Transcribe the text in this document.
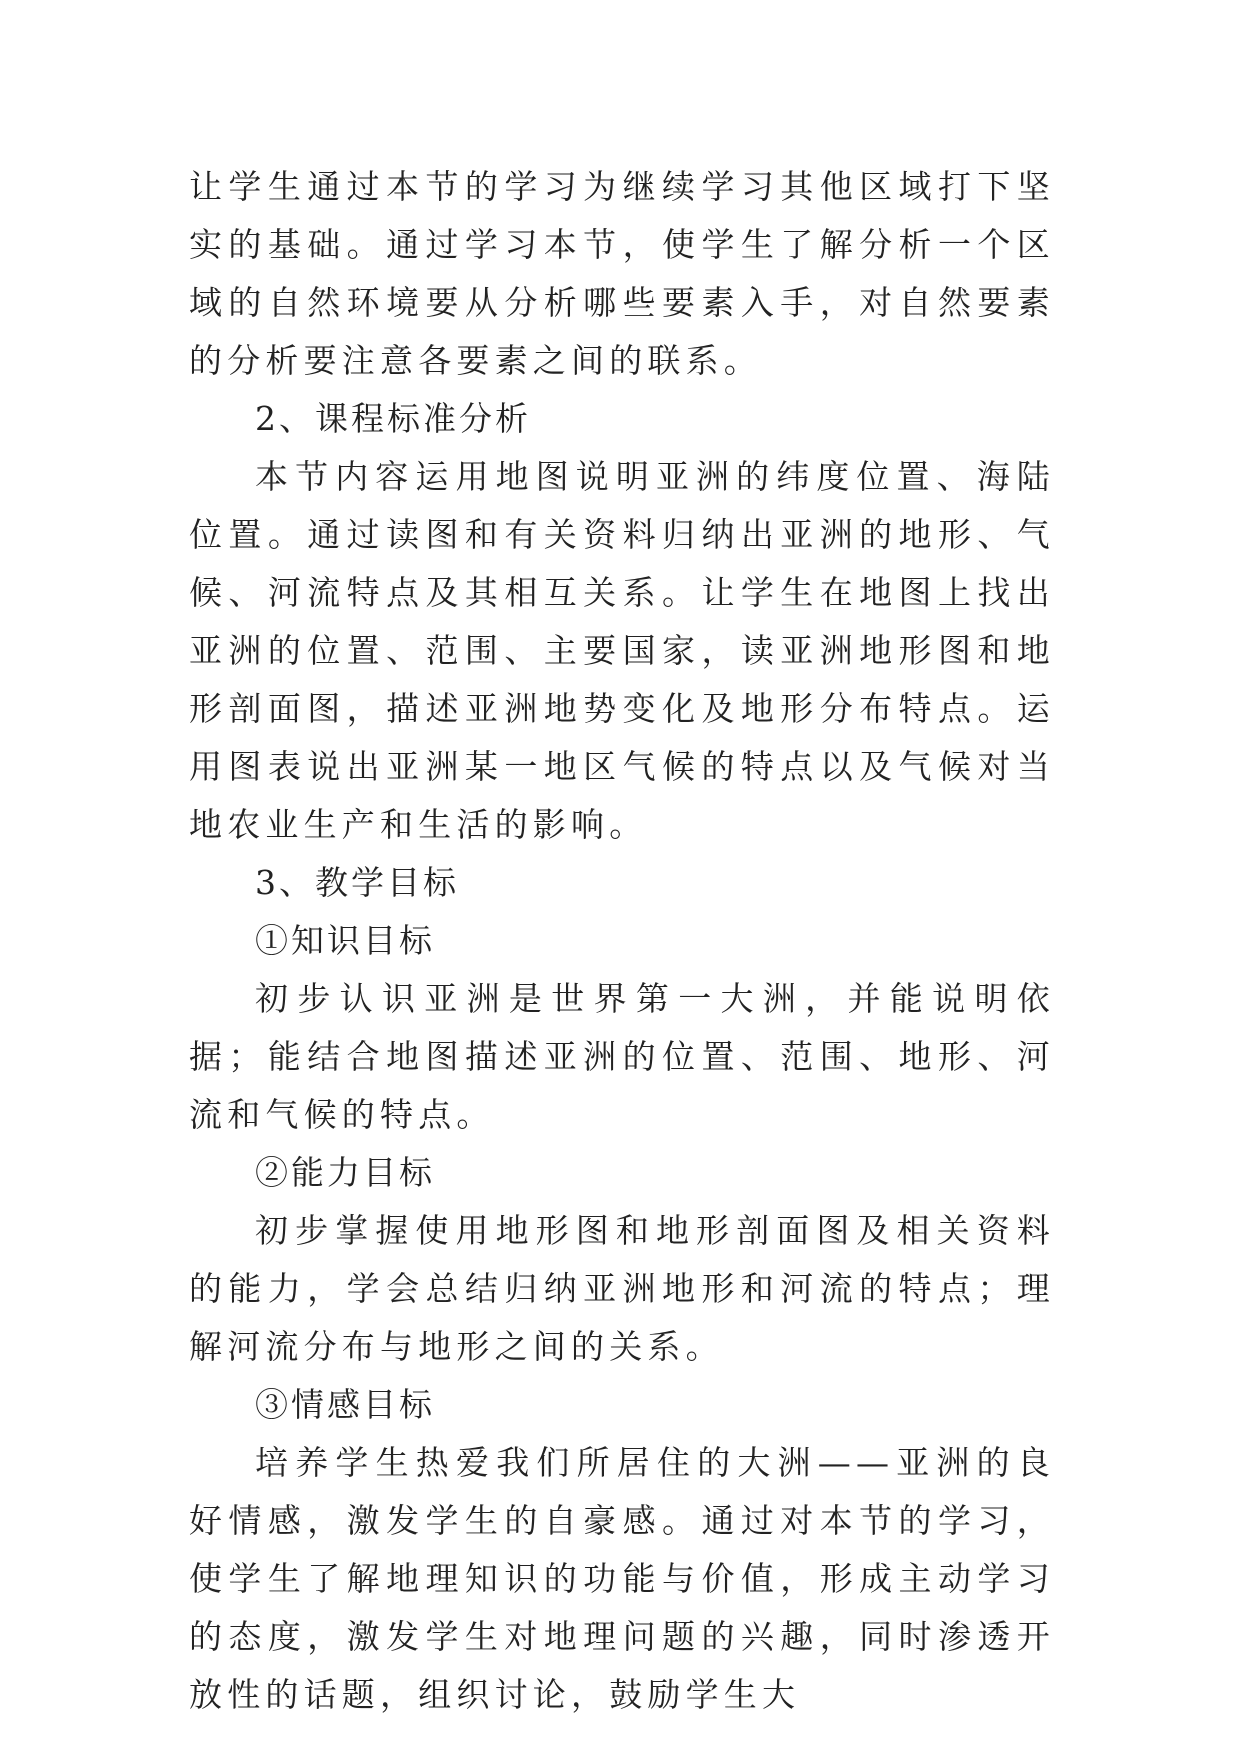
让学生通过本节的学习为继续学习其他区域打下坚实的基础。通过学习本节，使学生了解分析一个区域的自然环境要从分析哪些要素入手，对自然要素的分析要注意各要素之间的联系。

2、课程标准分析

本节内容运用地图说明亚洲的纬度位置、海陆位置。通过读图和有关资料归纳出亚洲的地形、气候、河流特点及其相互关系。让学生在地图上找出亚洲的位置、范围、主要国家，读亚洲地形图和地形剖面图，描述亚洲地势变化及地形分布特点。运用图表说出亚洲某一地区气候的特点以及气候对当地农业生产和生活的影响。

3、教学目标

①知识目标

初步认识亚洲是世界第一大洲，并能说明依据；能结合地图描述亚洲的位置、范围、地形、河流和气候的特点。

②能力目标

初步掌握使用地形图和地形剖面图及相关资料的能力，学会总结归纳亚洲地形和河流的特点；理解河流分布与地形之间的关系。

③情感目标

培养学生热爱我们所居住的大洲——亚洲的良好情感，激发学生的自豪感。通过对本节的学习，使学生了解地理知识的功能与价值，形成主动学习的态度，激发学生对地理问题的兴趣，同时渗透开放性的话题，组织讨论，鼓励学生大
